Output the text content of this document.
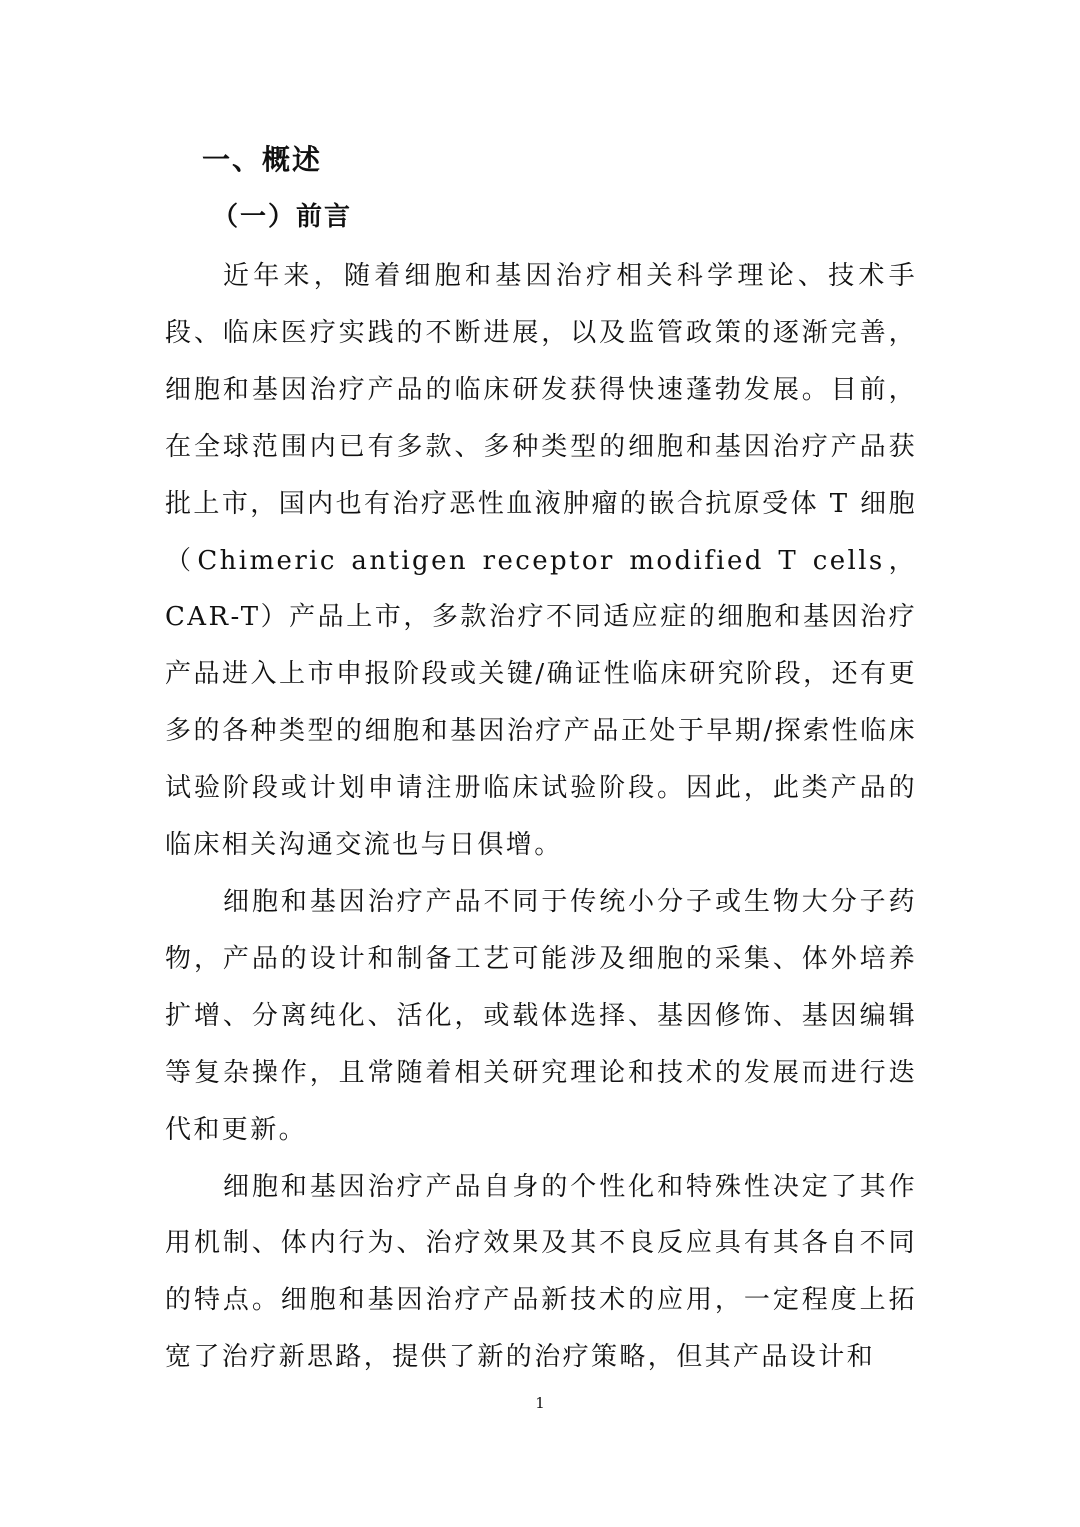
一、概述
（一）前言

近年来，随着细胞和基因治疗相关科学理论、技术手段、临床医疗实践的不断进展，以及监管政策的逐渐完善，细胞和基因治疗产品的临床研发获得快速蓬勃发展。目前，在全球范围内已有多款、多种类型的细胞和基因治疗产品获批上市，国内也有治疗恶性血液肿瘤的嵌合抗原受体 T 细胞（Chimeric antigen receptor modified T cells，CAR-T）产品上市，多款治疗不同适应症的细胞和基因治疗产品进入上市申报阶段或关键/确证性临床研究阶段，还有更多的各种类型的细胞和基因治疗产品正处于早期/探索性临床试验阶段或计划申请注册临床试验阶段。因此，此类产品的临床相关沟通交流也与日俱增。

细胞和基因治疗产品不同于传统小分子或生物大分子药物，产品的设计和制备工艺可能涉及细胞的采集、体外培养扩增、分离纯化、活化，或载体选择、基因修饰、基因编辑等复杂操作，且常随着相关研究理论和技术的发展而进行迭代和更新。

细胞和基因治疗产品自身的个性化和特殊性决定了其作用机制、体内行为、治疗效果及其不良反应具有其各自不同的特点。细胞和基因治疗产品新技术的应用，一定程度上拓宽了治疗新思路，提供了新的治疗策略，但其产品设计和

1
